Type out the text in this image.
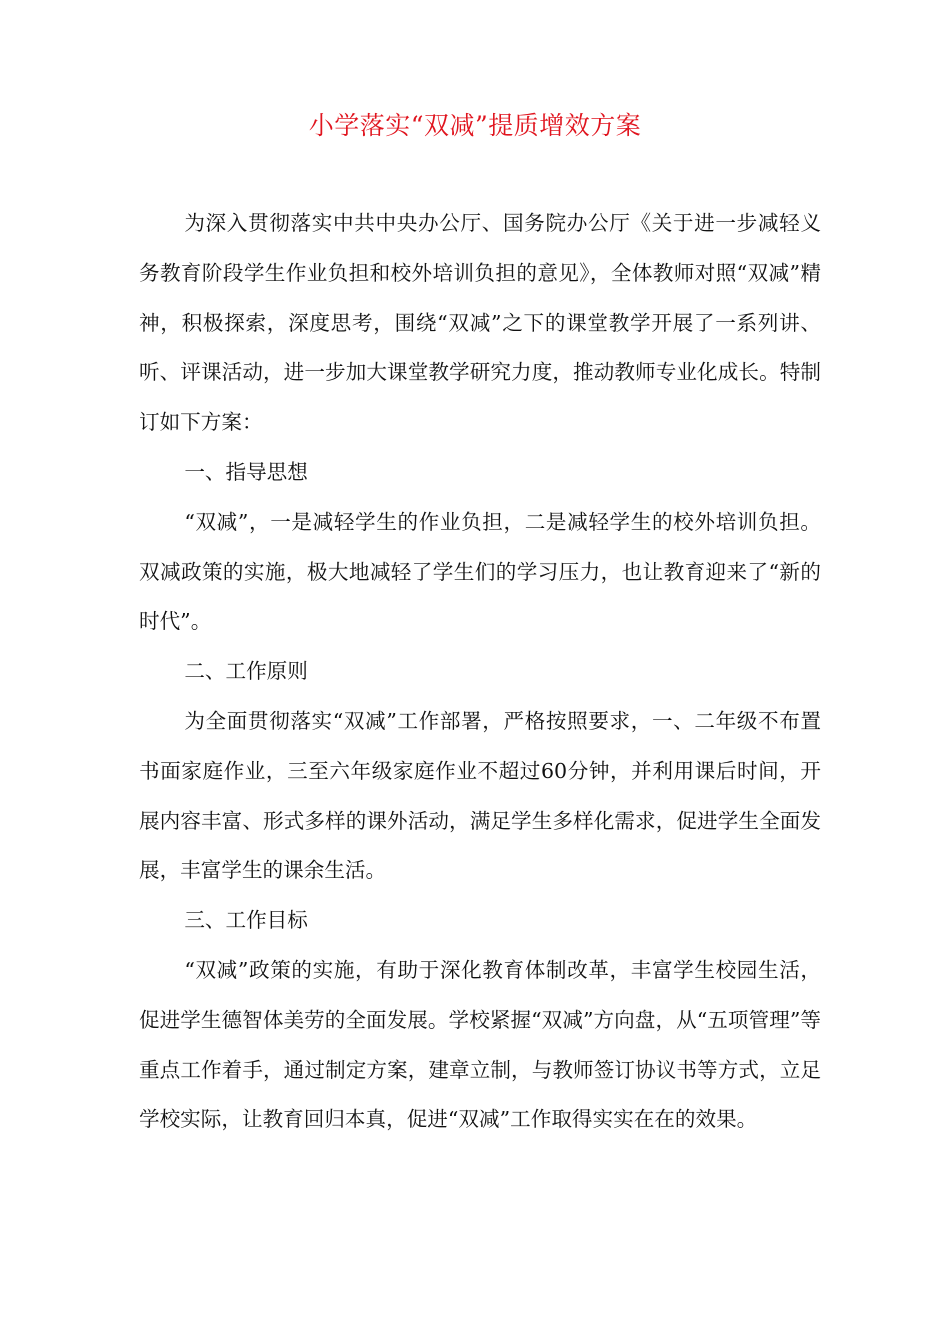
小学落实“双减”提质增效方案

为深入贯彻落实中共中央办公厅、国务院办公厅《关于进一步减轻义务教育阶段学生作业负担和校外培训负担的意见》，全体教师对照“双减”精神，积极探索，深度思考，围绕“双减”之下的课堂教学开展了一系列讲、听、评课活动，进一步加大课堂教学研究力度，推动教师专业化成长。特制订如下方案：

一、指导思想

“双减”，一是减轻学生的作业负担，二是减轻学生的校外培训负担。双减政策的实施，极大地减轻了学生们的学习压力，也让教育迎来了“新的时代”。

二、工作原则

为全面贯彻落实“双减”工作部署，严格按照要求，一、二年级不布置书面家庭作业，三至六年级家庭作业不超过60分钟，并利用课后时间，开展内容丰富、形式多样的课外活动，满足学生多样化需求，促进学生全面发展，丰富学生的课余生活。

三、工作目标

“双减”政策的实施，有助于深化教育体制改革，丰富学生校园生活，促进学生德智体美劳的全面发展。学校紧握“双减”方向盘，从“五项管理”等重点工作着手，通过制定方案，建章立制，与教师签订协议书等方式，立足学校实际，让教育回归本真，促进“双减”工作取得实实在在的效果。
